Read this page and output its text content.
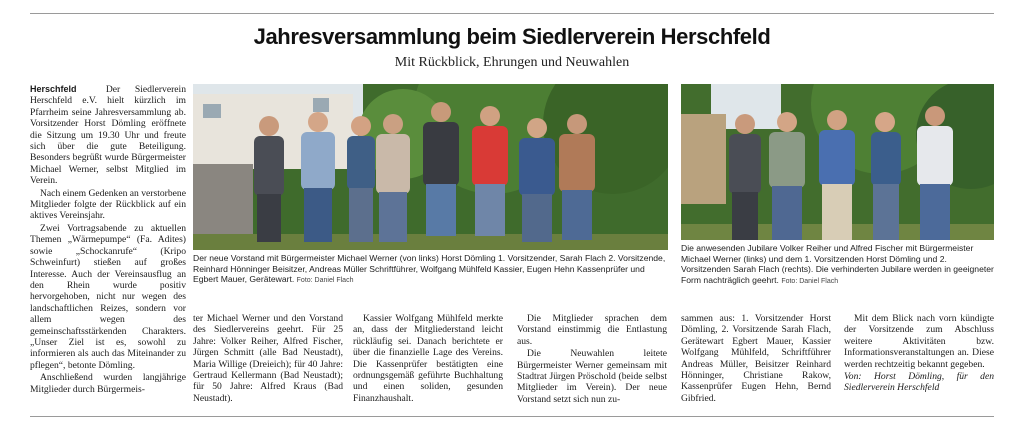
Jahresversammlung beim Siedlerverein Herschfeld
Mit Rückblick, Ehrungen und Neuwahlen

Herschfeld	Der Siedlerverein Herschfeld e.V. hielt kürzlich im Pfarrheim seine Jahresversammlung ab. Vorsitzender Horst Dömling eröffnete die Sitzung um 19.30 Uhr und freute sich über die gute Beteiligung. Besonders begrüßt wurde Bürgermeister Michael Werner, selbst Mitglied im Verein.

Nach einem Gedenken an verstorbene Mitglieder folgte der Rückblick auf ein aktives Vereinsjahr.

Zwei Vortragsabende zu aktuellen Themen „Wärmepumpe“ (Fa. Adites) sowie „Schockanrufe“ (Kripo Schweinfurt) stießen auf großes Interesse. Auch der Vereinsausflug an den Rhein wurde positiv hervorgehoben, nicht nur wegen des landschaftlichen Reizes, sondern vor allem wegen des gemeinschaftsstärkenden Charakters. „Unser Ziel ist es, sowohl zu informieren als auch das Miteinander zu pflegen“, betonte Dömling.

Anschließend wurden langjährige Mitglieder durch Bürgermeis-

Der neue Vorstand mit Bürgermeister Michael Werner (von links) Horst Dömling 1. Vorsitzender, Sarah Flach 2. Vorsitzende, Reinhard Hönninger Beisitzer, Andreas Müller Schriftführer, Wolfgang Mühlfeld Kassier, Eugen Hehn Kassenprüfer und Egbert Mauer, Gerätewart. Foto: Daniel Flach
Die anwesenden Jubilare Volker Reiher und Alfred Fischer mit Bürgermeister Michael Werner (links) und dem 1. Vorsitzenden Horst Dömling und 2. Vorsitzenden Sarah Flach (rechts). Die verhinderten Jubilare werden in geeigneter Form nachträglich geehrt. Foto: Daniel Flach

ter Michael Werner und den Vorstand des Siedlervereins geehrt. Für 25 Jahre: Volker Reiher, Alfred Fischer, Jürgen Schmitt (alle Bad Neustadt), Maria Willige (Dreieich); für 40 Jahre: Gertraud Kellermann (Bad Neustadt); für 50 Jahre: Alfred Kraus (Bad Neustadt).

Kassier Wolfgang Mühlfeld merkte an, dass der Mitgliederstand leicht rückläufig sei. Danach berichtete er über die finanzielle Lage des Vereins. Die Kassenprüfer bestätigten eine ordnungsgemäß geführte Buchhaltung und einen soliden, gesunden Finanzhaushalt.

Die Mitglieder sprachen dem Vorstand einstimmig die Entlastung aus.

Die Neuwahlen leitete Bürgermeister Werner gemeinsam mit Stadtrat Jürgen Pröschold (beide selbst Mitglieder im Verein). Der neue Vorstand setzt sich nun zu-

sammen aus: 1. Vorsitzender Horst Dömling, 2. Vorsitzende Sarah Flach, Gerätewart Egbert Mauer, Kassier Wolfgang Mühlfeld, Schriftführer Andreas Müller, Beisitzer Reinhard Hönninger, Christiane Rakow, Kassenprüfer Eugen Hehn, Bernd Gibfried.

Mit dem Blick nach vorn kündigte der Vorsitzende zum Abschluss weitere Aktivitäten bzw. Informationsveranstaltungen an. Diese werden rechtzeitig bekannt gegeben.

Von: Horst Dömling, für den Siedlerverein Herschfeld
